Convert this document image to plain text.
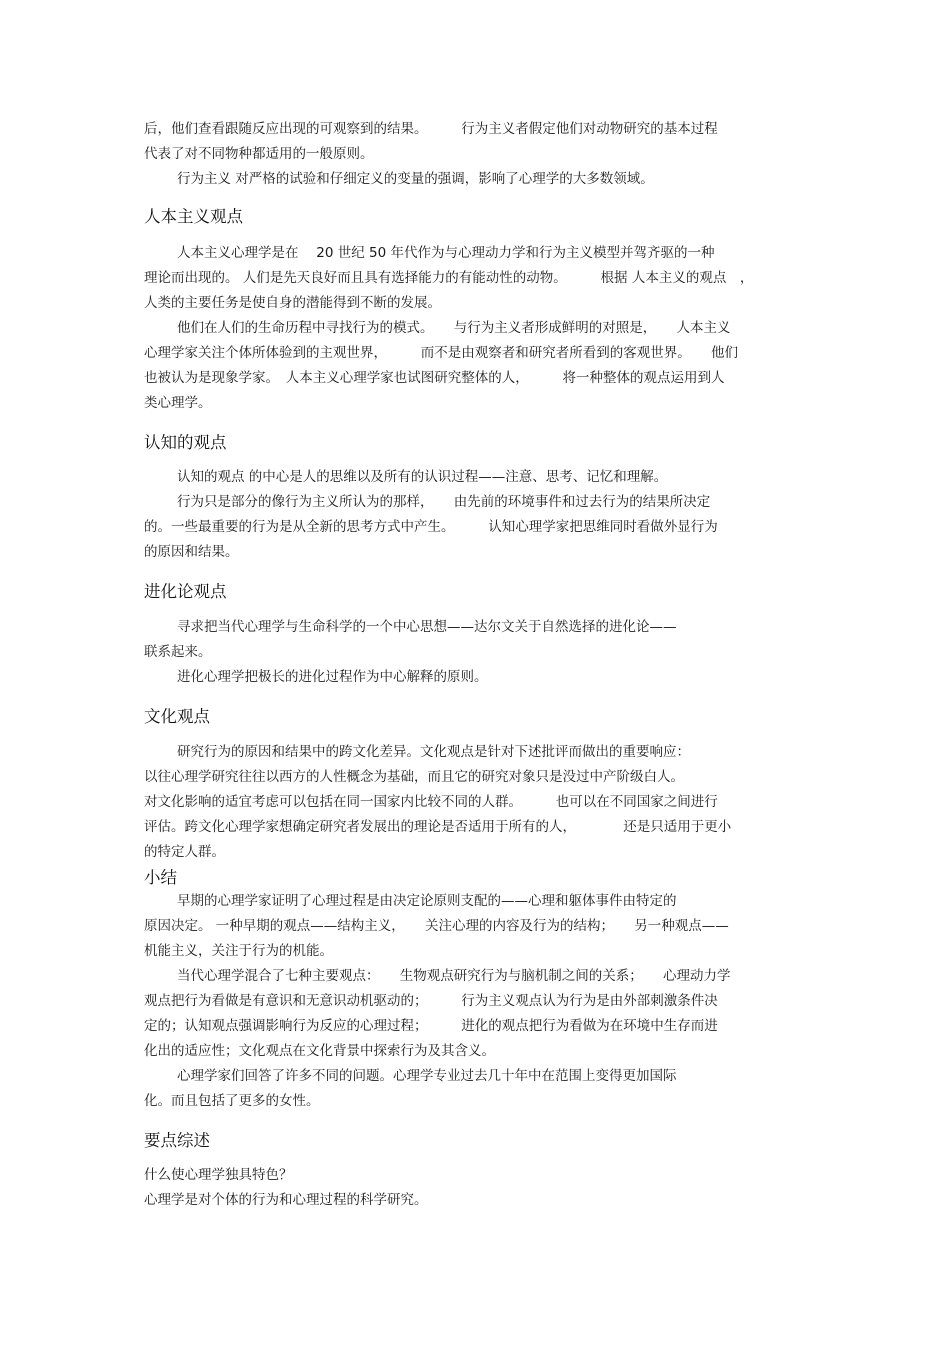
后，他们查看跟随反应出现的可观察到的结果。　　　行为主义者假定他们对动物研究的基本过程
代表了对不同物种都适用的一般原则。
行为主义 对严格的试验和仔细定义的变量的强调，影响了心理学的大多数领域。
人本主义观点
人本主义心理学是在　 20 世纪 50 年代作为与心理动力学和行为主义模型并驾齐驱的一种
理论而出现的。 人们是先天良好而且具有选择能力的有能动性的动物。　　　根据 人本主义的观点　，
人类的主要任务是使自身的潜能得到不断的发展。
他们在人们的生命历程中寻找行为的模式。　　与行为主义者形成鲜明的对照是，　　人本主义
心理学家关注个体所体验到的主观世界，　　　而不是由观察者和研究者所看到的客观世界。　　他们
也被认为是现象学家。　人本主义心理学家也试图研究整体的人，　　　将一种整体的观点运用到人
类心理学。
认知的观点
认知的观点 的中心是人的思维以及所有的认识过程——注意、思考、记忆和理解。
行为只是部分的像行为主义所认为的那样，　　由先前的环境事件和过去行为的结果所决定
的。一些最重要的行为是从全新的思考方式中产生。　　　认知心理学家把思维同时看做外显行为
的原因和结果。
进化论观点
寻求把当代心理学与生命科学的一个中心思想——达尔文关于自然选择的进化论——
联系起来。
进化心理学把极长的进化过程作为中心解释的原则。
文化观点
研究行为的原因和结果中的跨文化差异。文化观点是针对下述批评而做出的重要响应：
以往心理学研究往往以西方的人性概念为基础，而且它的研究对象只是没过中产阶级白人。
对文化影响的适宜考虑可以包括在同一国家内比较不同的人群。　　　也可以在不同国家之间进行
评估。跨文化心理学家想确定研究者发展出的理论是否适用于所有的人，　　　　还是只适用于更小
的特定人群。
小结
早期的心理学家证明了心理过程是由决定论原则支配的——心理和躯体事件由特定的
原因决定。 一种早期的观点——结构主义，　　关注心理的内容及行为的结构；　　另一种观点——
机能主义，关注于行为的机能。
当代心理学混合了七种主要观点：　　生物观点研究行为与脑机制之间的关系；　　心理动力学
观点把行为看做是有意识和无意识动机驱动的；　　　行为主义观点认为行为是由外部刺激条件决
定的；认知观点强调影响行为反应的心理过程；　　　进化的观点把行为看做为在环境中生存而进
化出的适应性；文化观点在文化背景中探索行为及其含义。
心理学家们回答了许多不同的问题。心理学专业过去几十年中在范围上变得更加国际
化。而且包括了更多的女性。
要点综述
什么使心理学独具特色？
心理学是对个体的行为和心理过程的科学研究。
